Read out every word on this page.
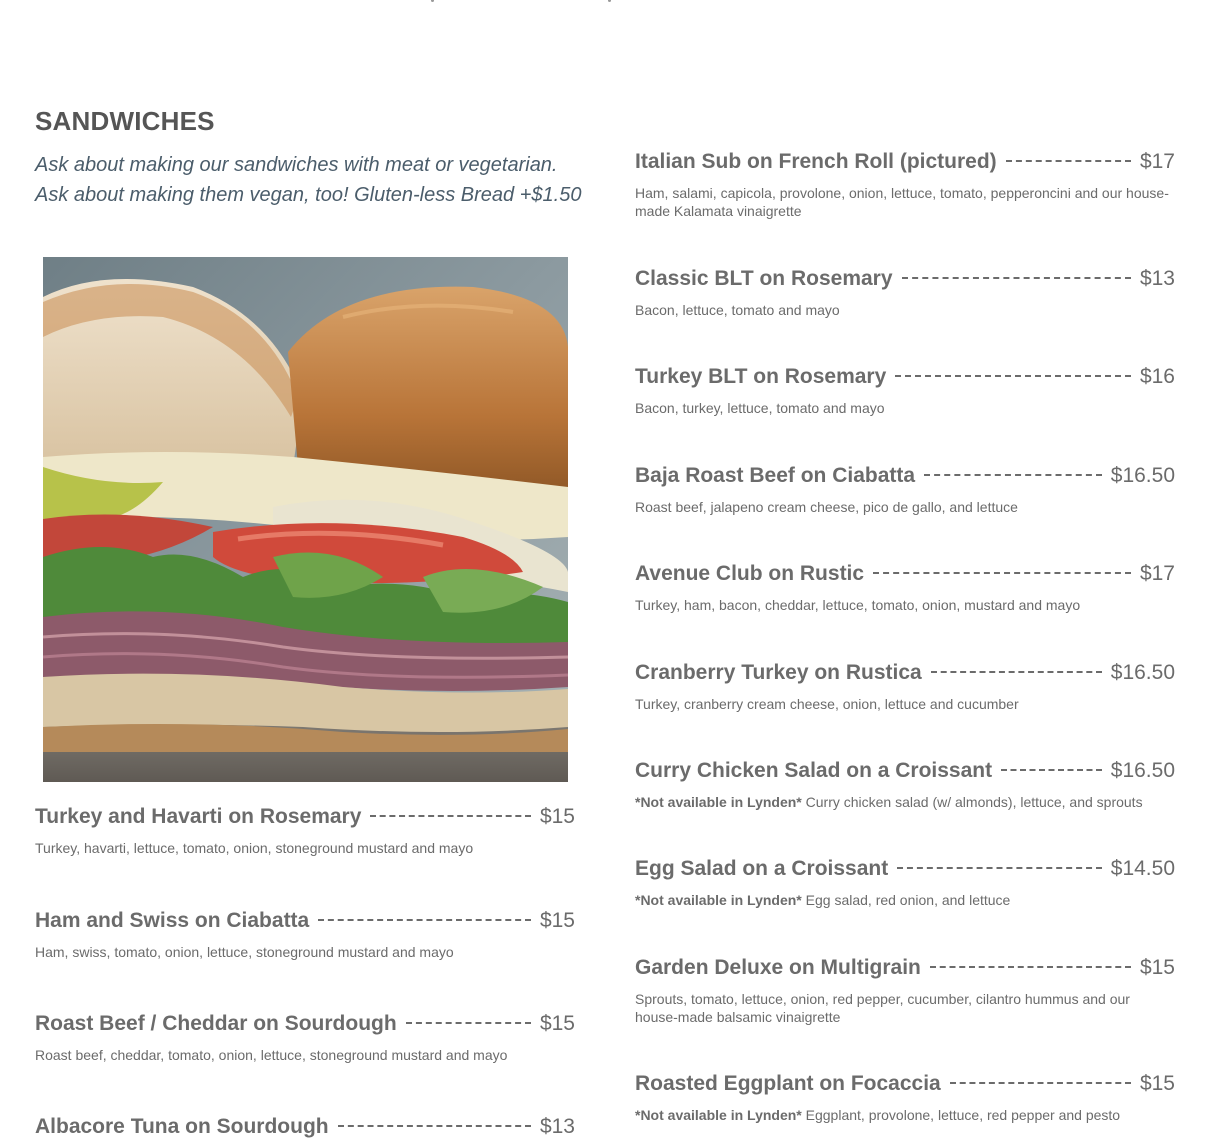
SANDWICHES

Ask about making our sandwiches with meat or vegetarian. Ask about making them vegan, too! Gluten-less Bread +$1.50

Turkey and Havarti on Rosemary	$15
Turkey, havarti, lettuce, tomato, onion, stoneground mustard and mayo
Ham and Swiss on Ciabatta	$15
Ham, swiss, tomato, onion, lettuce, stoneground mustard and mayo
Roast Beef / Cheddar on Sourdough	$15
Roast beef, cheddar, tomato, onion, lettuce, stoneground mustard and mayo
Albacore Tuna on Sourdough	$13
Italian Sub on French Roll (pictured)	$17
Ham, salami, capicola, provolone, onion, lettuce, tomato, pepperoncini and our house-made Kalamata vinaigrette
Classic BLT on Rosemary	$13
Bacon, lettuce, tomato and mayo
Turkey BLT on Rosemary	$16
Bacon, turkey, lettuce, tomato and mayo
Baja Roast Beef on Ciabatta	$16.50
Roast beef, jalapeno cream cheese, pico de gallo, and lettuce
Avenue Club on Rustic	$17
Turkey, ham, bacon, cheddar, lettuce, tomato, onion, mustard and mayo
Cranberry Turkey on Rustica	$16.50
Turkey, cranberry cream cheese, onion, lettuce and cucumber
Curry Chicken Salad on a Croissant	$16.50
*Not available in Lynden* Curry chicken salad (w/ almonds), lettuce, and sprouts
Egg Salad on a Croissant	$14.50
*Not available in Lynden* Egg salad, red onion, and lettuce
Garden Deluxe on Multigrain	$15
Sprouts, tomato, lettuce, onion, red pepper, cucumber, cilantro hummus and our house-made balsamic vinaigrette
Roasted Eggplant on Focaccia	$15
*Not available in Lynden* Eggplant, provolone, lettuce, red pepper and pesto
